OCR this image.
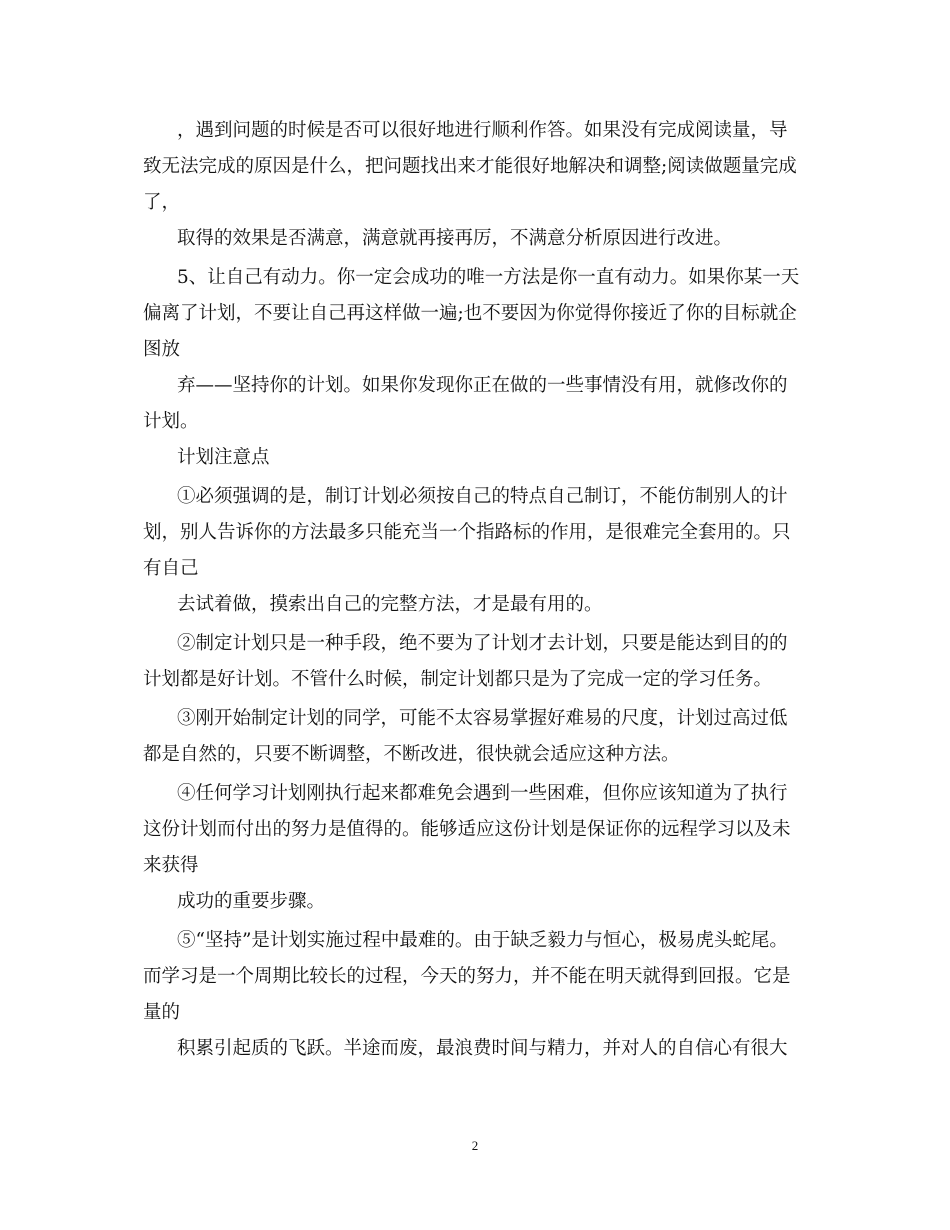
，遇到问题的时候是否可以很好地进行顺利作答。如果没有完成阅读量，导
致无法完成的原因是什么，把问题找出来才能很好地解决和调整;阅读做题量完成
了，
取得的效果是否满意，满意就再接再厉，不满意分析原因进行改进。
5、让自己有动力。你一定会成功的唯一方法是你一直有动力。如果你某一天
偏离了计划，不要让自己再这样做一遍;也不要因为你觉得你接近了你的目标就企
图放
弃——坚持你的计划。如果你发现你正在做的一些事情没有用，就修改你的
计划。
计划注意点
①必须强调的是，制订计划必须按自己的特点自己制订，不能仿制别人的计
划，别人告诉你的方法最多只能充当一个指路标的作用，是很难完全套用的。只
有自己
去试着做，摸索出自己的完整方法，才是最有用的。
②制定计划只是一种手段，绝不要为了计划才去计划，只要是能达到目的的
计划都是好计划。不管什么时候，制定计划都只是为了完成一定的学习任务。
③刚开始制定计划的同学，可能不太容易掌握好难易的尺度，计划过高过低
都是自然的，只要不断调整，不断改进，很快就会适应这种方法。
④任何学习计划刚执行起来都难免会遇到一些困难，但你应该知道为了执行
这份计划而付出的努力是值得的。能够适应这份计划是保证你的远程学习以及未
来获得
成功的重要步骤。
⑤“坚持”是计划实施过程中最难的。由于缺乏毅力与恒心，极易虎头蛇尾。
而学习是一个周期比较长的过程，今天的努力，并不能在明天就得到回报。它是
量的
积累引起质的飞跃。半途而废，最浪费时间与精力，并对人的自信心有很大
2
